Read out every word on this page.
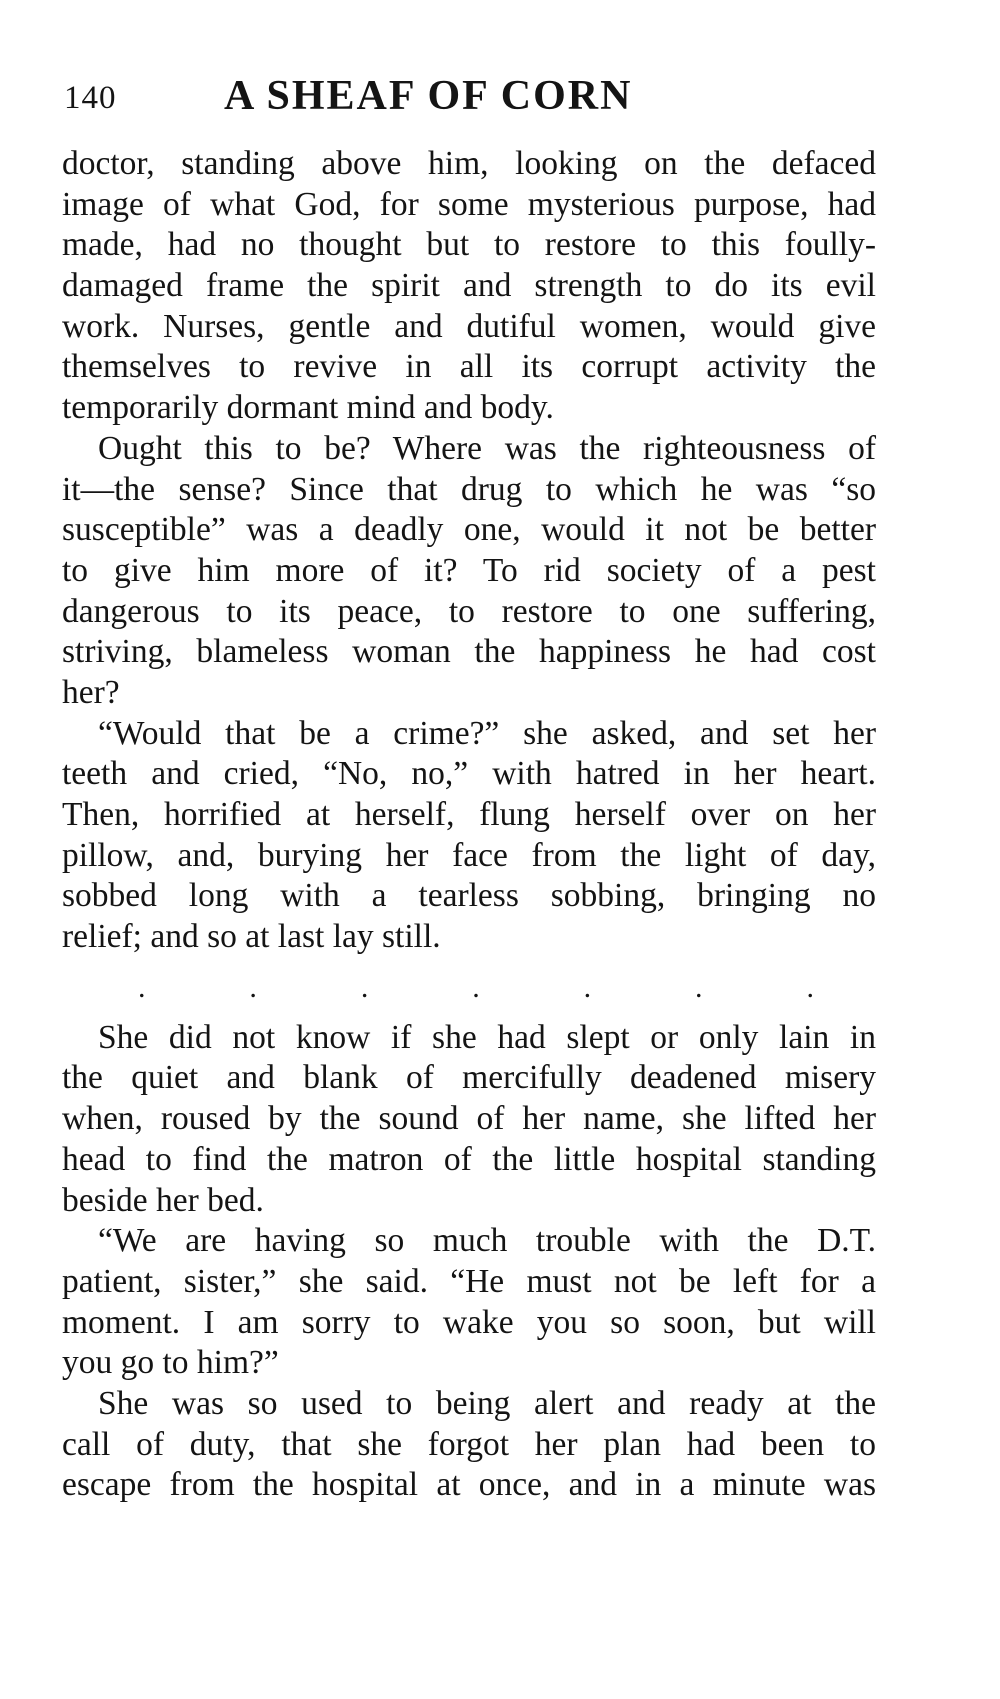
140	A SHEAF OF CORN
doctor, standing above him, looking on the defaced
image of what God, for some mysterious purpose, had
made, had no thought but to restore to this foully-
damaged frame the spirit and strength to do its evil
work. Nurses, gentle and dutiful women, would give
themselves to revive in all its corrupt activity the
temporarily dormant mind and body.
Ought this to be? Where was the righteousness of
it—the sense? Since that drug to which he was “so
susceptible” was a deadly one, would it not be better
to give him more of it? To rid society of a pest
dangerous to its peace, to restore to one suffering,
striving, blameless woman the happiness he had cost
her?
“Would that be a crime?” she asked, and set her
teeth and cried, “No, no,” with hatred in her heart.
Then, horrified at herself, flung herself over on her
pillow, and, burying her face from the light of day,
sobbed long with a tearless sobbing, bringing no
relief; and so at last lay still.
.	.	.	.	.	.	.
She did not know if she had slept or only lain in
the quiet and blank of mercifully deadened misery
when, roused by the sound of her name, she lifted her
head to find the matron of the little hospital standing
beside her bed.
“We are having so much trouble with the D.T.
patient, sister,” she said. “He must not be left for a
moment. I am sorry to wake you so soon, but will
you go to him?”
She was so used to being alert and ready at the
call of duty, that she forgot her plan had been to
escape from the hospital at once, and in a minute was
